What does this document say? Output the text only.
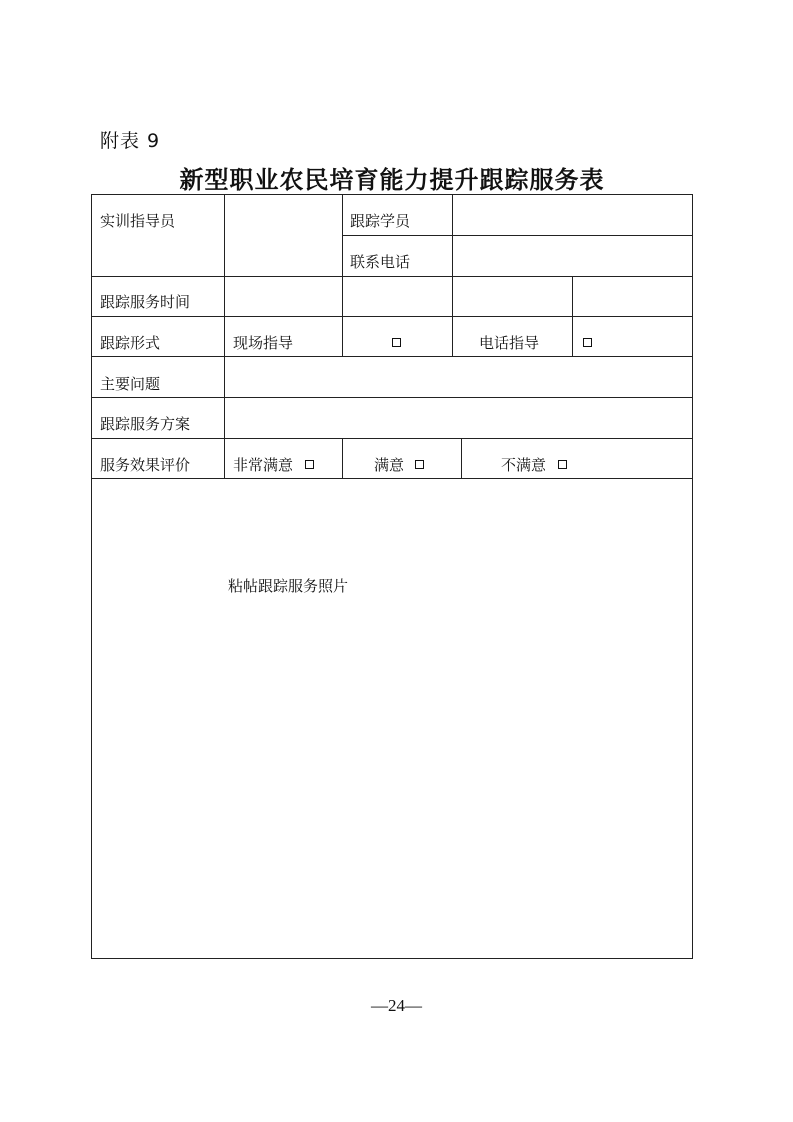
附表 9
新型职业农民培育能力提升跟踪服务表
实训指导员	跟踪学员
联系电话
跟踪服务时间
跟踪形式	现场指导	电话指导
主要问题
跟踪服务方案
服务效果评价	非常满意	满意	不满意
粘帖跟踪服务照片
—24—
